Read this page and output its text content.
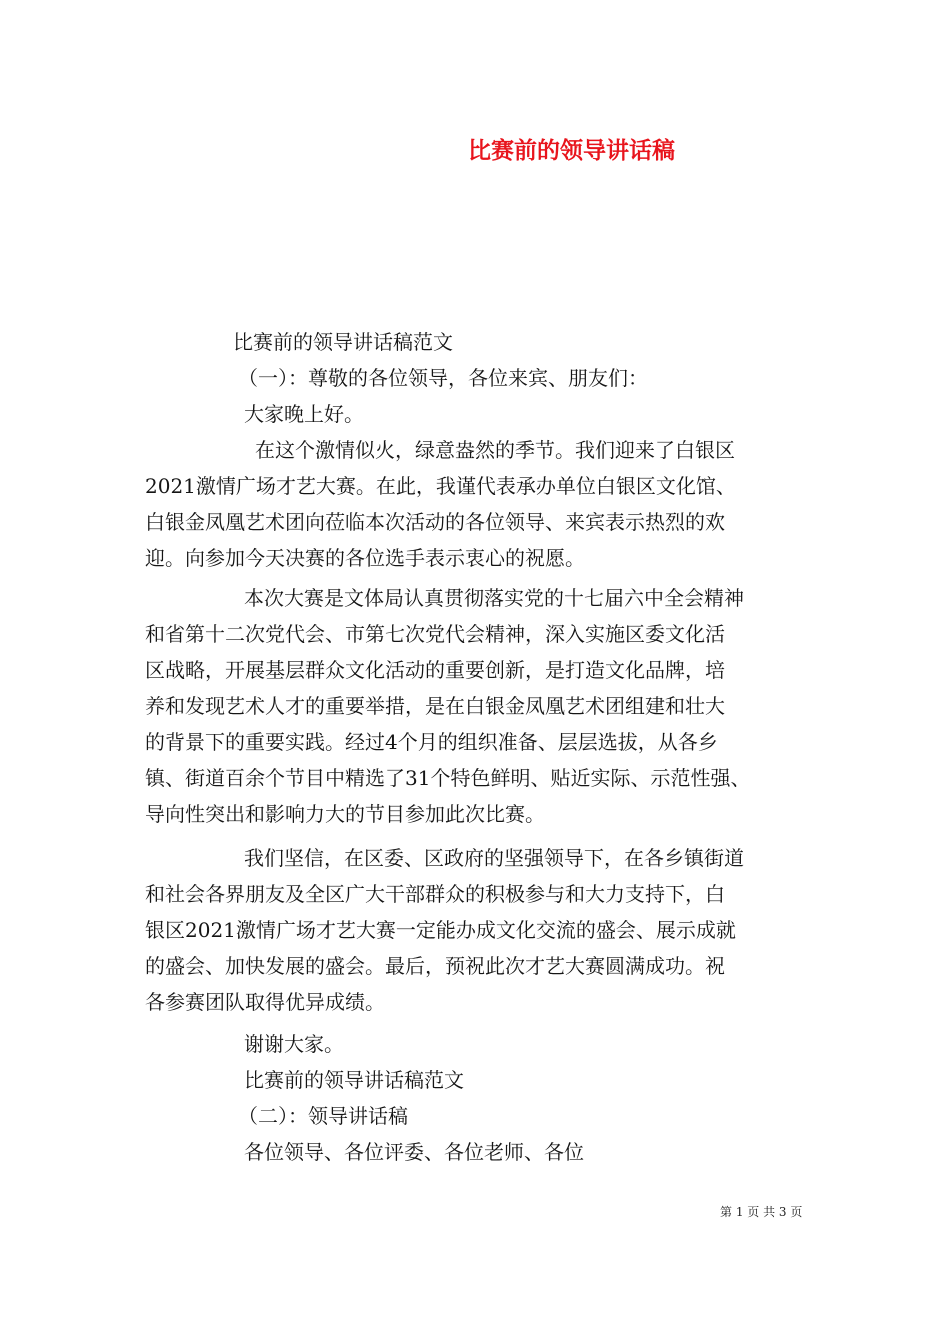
比赛前的领导讲话稿
比赛前的领导讲话稿范文
（一）：尊敬的各位领导，各位来宾、朋友们：
大家晚上好。
在这个激情似火，绿意盎然的季节。我们迎来了白银区
2021激情广场才艺大赛。在此，我谨代表承办单位白银区文化馆、
白银金凤凰艺术团向莅临本次活动的各位领导、来宾表示热烈的欢
迎。向参加今天决赛的各位选手表示衷心的祝愿。
本次大赛是文体局认真贯彻落实党的十七届六中全会精神
和省第十二次党代会、市第七次党代会精神，深入实施区委文化活
区战略，开展基层群众文化活动的重要创新，是打造文化品牌，培
养和发现艺术人才的重要举措，是在白银金凤凰艺术团组建和壮大
的背景下的重要实践。经过4个月的组织准备、层层选拔，从各乡
镇、街道百余个节目中精选了31个特色鲜明、贴近实际、示范性强、
导向性突出和影响力大的节目参加此次比赛。
我们坚信，在区委、区政府的坚强领导下，在各乡镇街道
和社会各界朋友及全区广大干部群众的积极参与和大力支持下，白
银区2021激情广场才艺大赛一定能办成文化交流的盛会、展示成就
的盛会、加快发展的盛会。最后，预祝此次才艺大赛圆满成功。祝
各参赛团队取得优异成绩。
谢谢大家。
比赛前的领导讲话稿范文
（二）：领导讲话稿
各位领导、各位评委、各位老师、各位
第 1 页 共 3 页
